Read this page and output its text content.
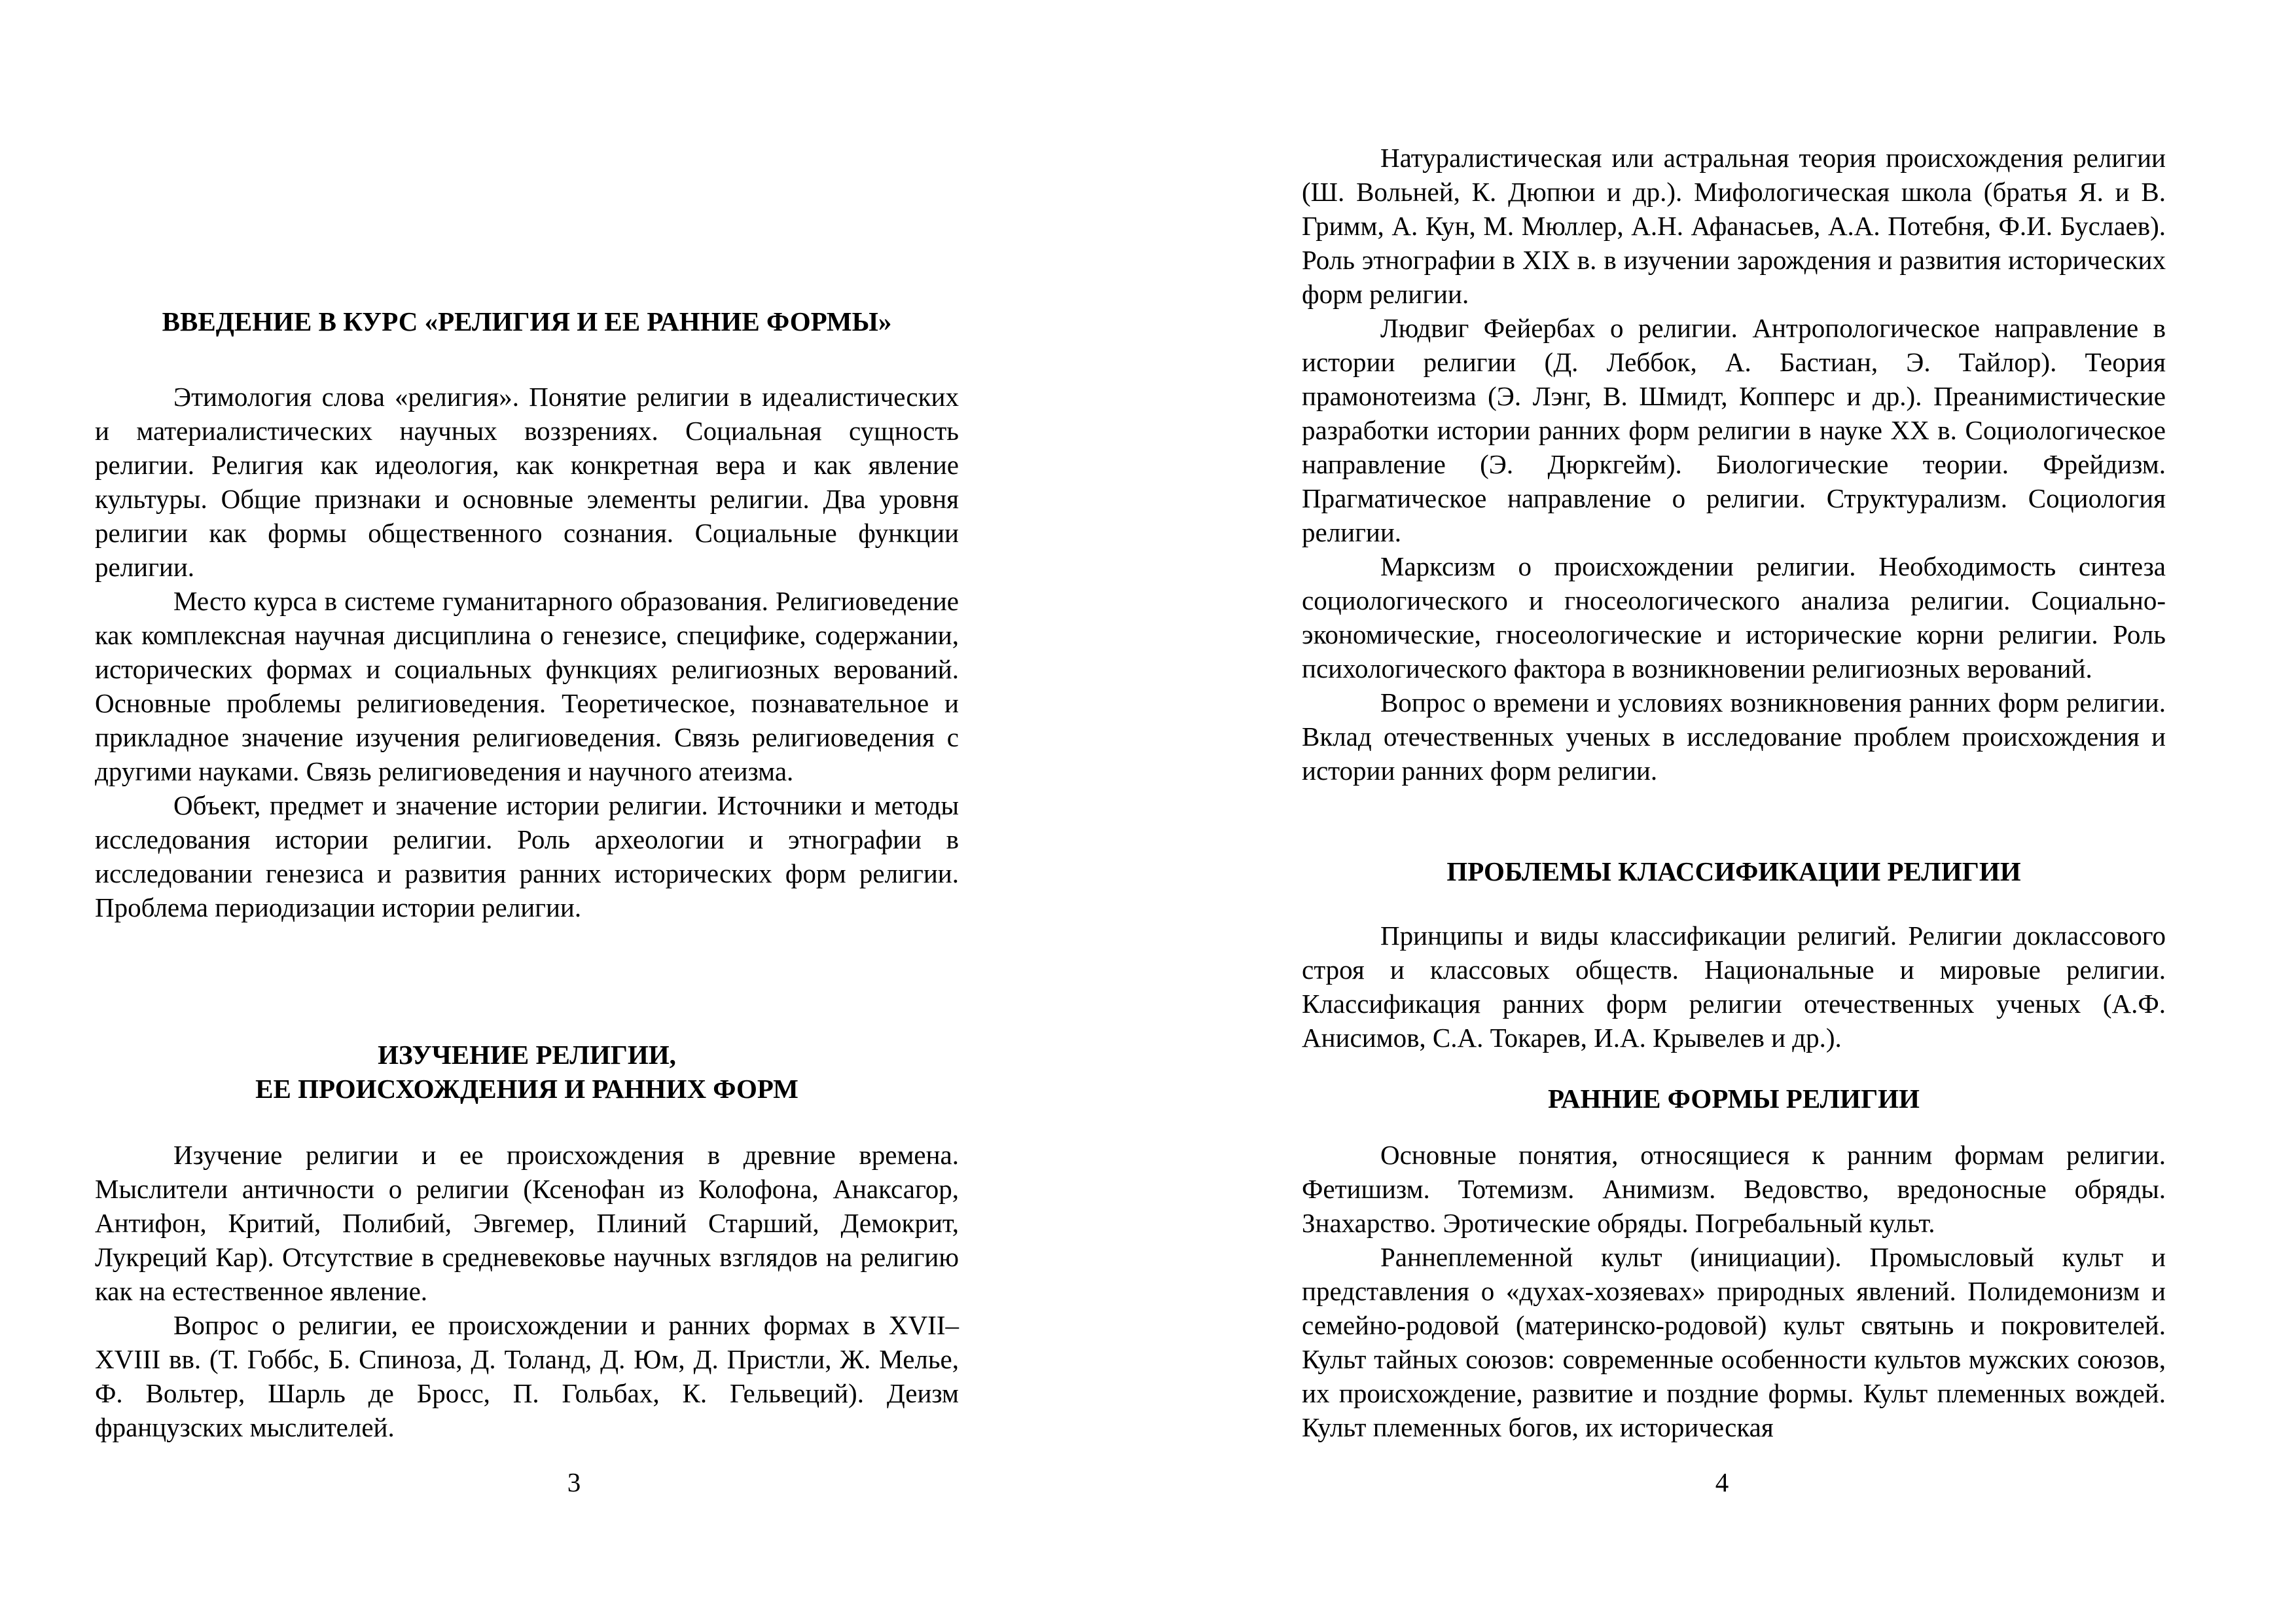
ВВЕДЕНИЕ В КУРС «РЕЛИГИЯ И ЕЕ РАННИЕ ФОРМЫ»

Этимология слова «религия». Понятие религии в идеалистических и материалистических научных воззрениях. Социальная сущность религии. Религия как идеология, как конкретная вера и как явление культуры. Общие признаки и основные элементы религии. Два уровня религии как формы общественного сознания. Социальные функции религии.

Место курса в системе гуманитарного образования. Религиоведение как комплексная научная дисциплина о генезисе, специфике, содержании, исторических формах и социальных функциях религиозных верований. Основные проблемы религиоведения. Теоретическое, познавательное и прикладное значение изучения религиоведения. Связь религиоведения с другими науками. Связь религиоведения и научного атеизма.

Объект, предмет и значение истории религии. Источники и методы исследования истории религии. Роль археологии и этнографии в исследовании генезиса и развития ранних исторических форм религии. Проблема периодизации истории религии.

ИЗУЧЕНИЕ РЕЛИГИИ,
ЕЕ ПРОИСХОЖДЕНИЯ И РАННИХ ФОРМ

Изучение религии и ее происхождения в древние времена. Мыслители античности о религии (Ксенофан из Колофона, Анаксагор, Антифон, Критий, Полибий, Эвгемер, Плиний Старший, Демокрит, Лукреций Кар). Отсутствие в средневековье научных взглядов на религию как на естественное явление.

Вопрос о религии, ее происхождении и ранних формах в XVII–XVIII вв. (Т. Гоббс, Б. Спиноза, Д. Толанд, Д. Юм, Д. Пристли, Ж. Мелье, Ф. Вольтер, Шарль де Бросс, П. Гольбах, К. Гельвеций). Деизм французских мыслителей.

3

Натуралистическая или астральная теория происхождения религии (Ш. Вольней, К. Дюпюи и др.). Мифологическая школа (братья Я. и В. Гримм, А. Кун, М. Мюллер, А.Н. Афанасьев, А.А. Потебня, Ф.И. Буслаев). Роль этнографии в XIX в. в изучении зарождения и развития исторических форм религии.

Людвиг Фейербах о религии. Антропологическое направление в истории религии (Д. Леббок, А. Бастиан, Э. Тайлор). Теория прамонотеизма (Э. Лэнг, В. Шмидт, Копперс и др.). Преанимистические разработки истории ранних форм религии в науке XX в. Социологическое направление (Э. Дюркгейм). Биологические теории. Фрейдизм. Прагматическое направление о религии. Структурализм. Социология религии.

Марксизм о происхождении религии. Необходимость синтеза социологического и гносеологического анализа религии. Социально-экономические, гносеологические и исторические корни религии. Роль психологического фактора в возникновении религиозных верований.

Вопрос о времени и условиях возникновения ранних форм религии. Вклад отечественных ученых в исследование проблем происхождения и истории ранних форм религии.

ПРОБЛЕМЫ КЛАССИФИКАЦИИ РЕЛИГИИ

Принципы и виды классификации религий. Религии доклассового строя и классовых обществ. Национальные и мировые религии. Классификация ранних форм религии отечественных ученых (А.Ф. Анисимов, С.А. Токарев, И.А. Крывелев и др.).

РАННИЕ ФОРМЫ РЕЛИГИИ

Основные понятия, относящиеся к ранним формам религии. Фетишизм. Тотемизм. Анимизм. Ведовство, вредоносные обряды. Знахарство. Эротические обряды. Погребальный культ.

Раннеплеменной культ (инициации). Промысловый культ и представления о «духах-хозяевах» природных явлений. Полидемонизм и семейно-родовой (материнско-родовой) культ святынь и покровителей. Культ тайных союзов: современные особенности культов мужских союзов, их происхождение, развитие и поздние формы. Культ племенных вождей. Культ племенных богов, их историческая

4
